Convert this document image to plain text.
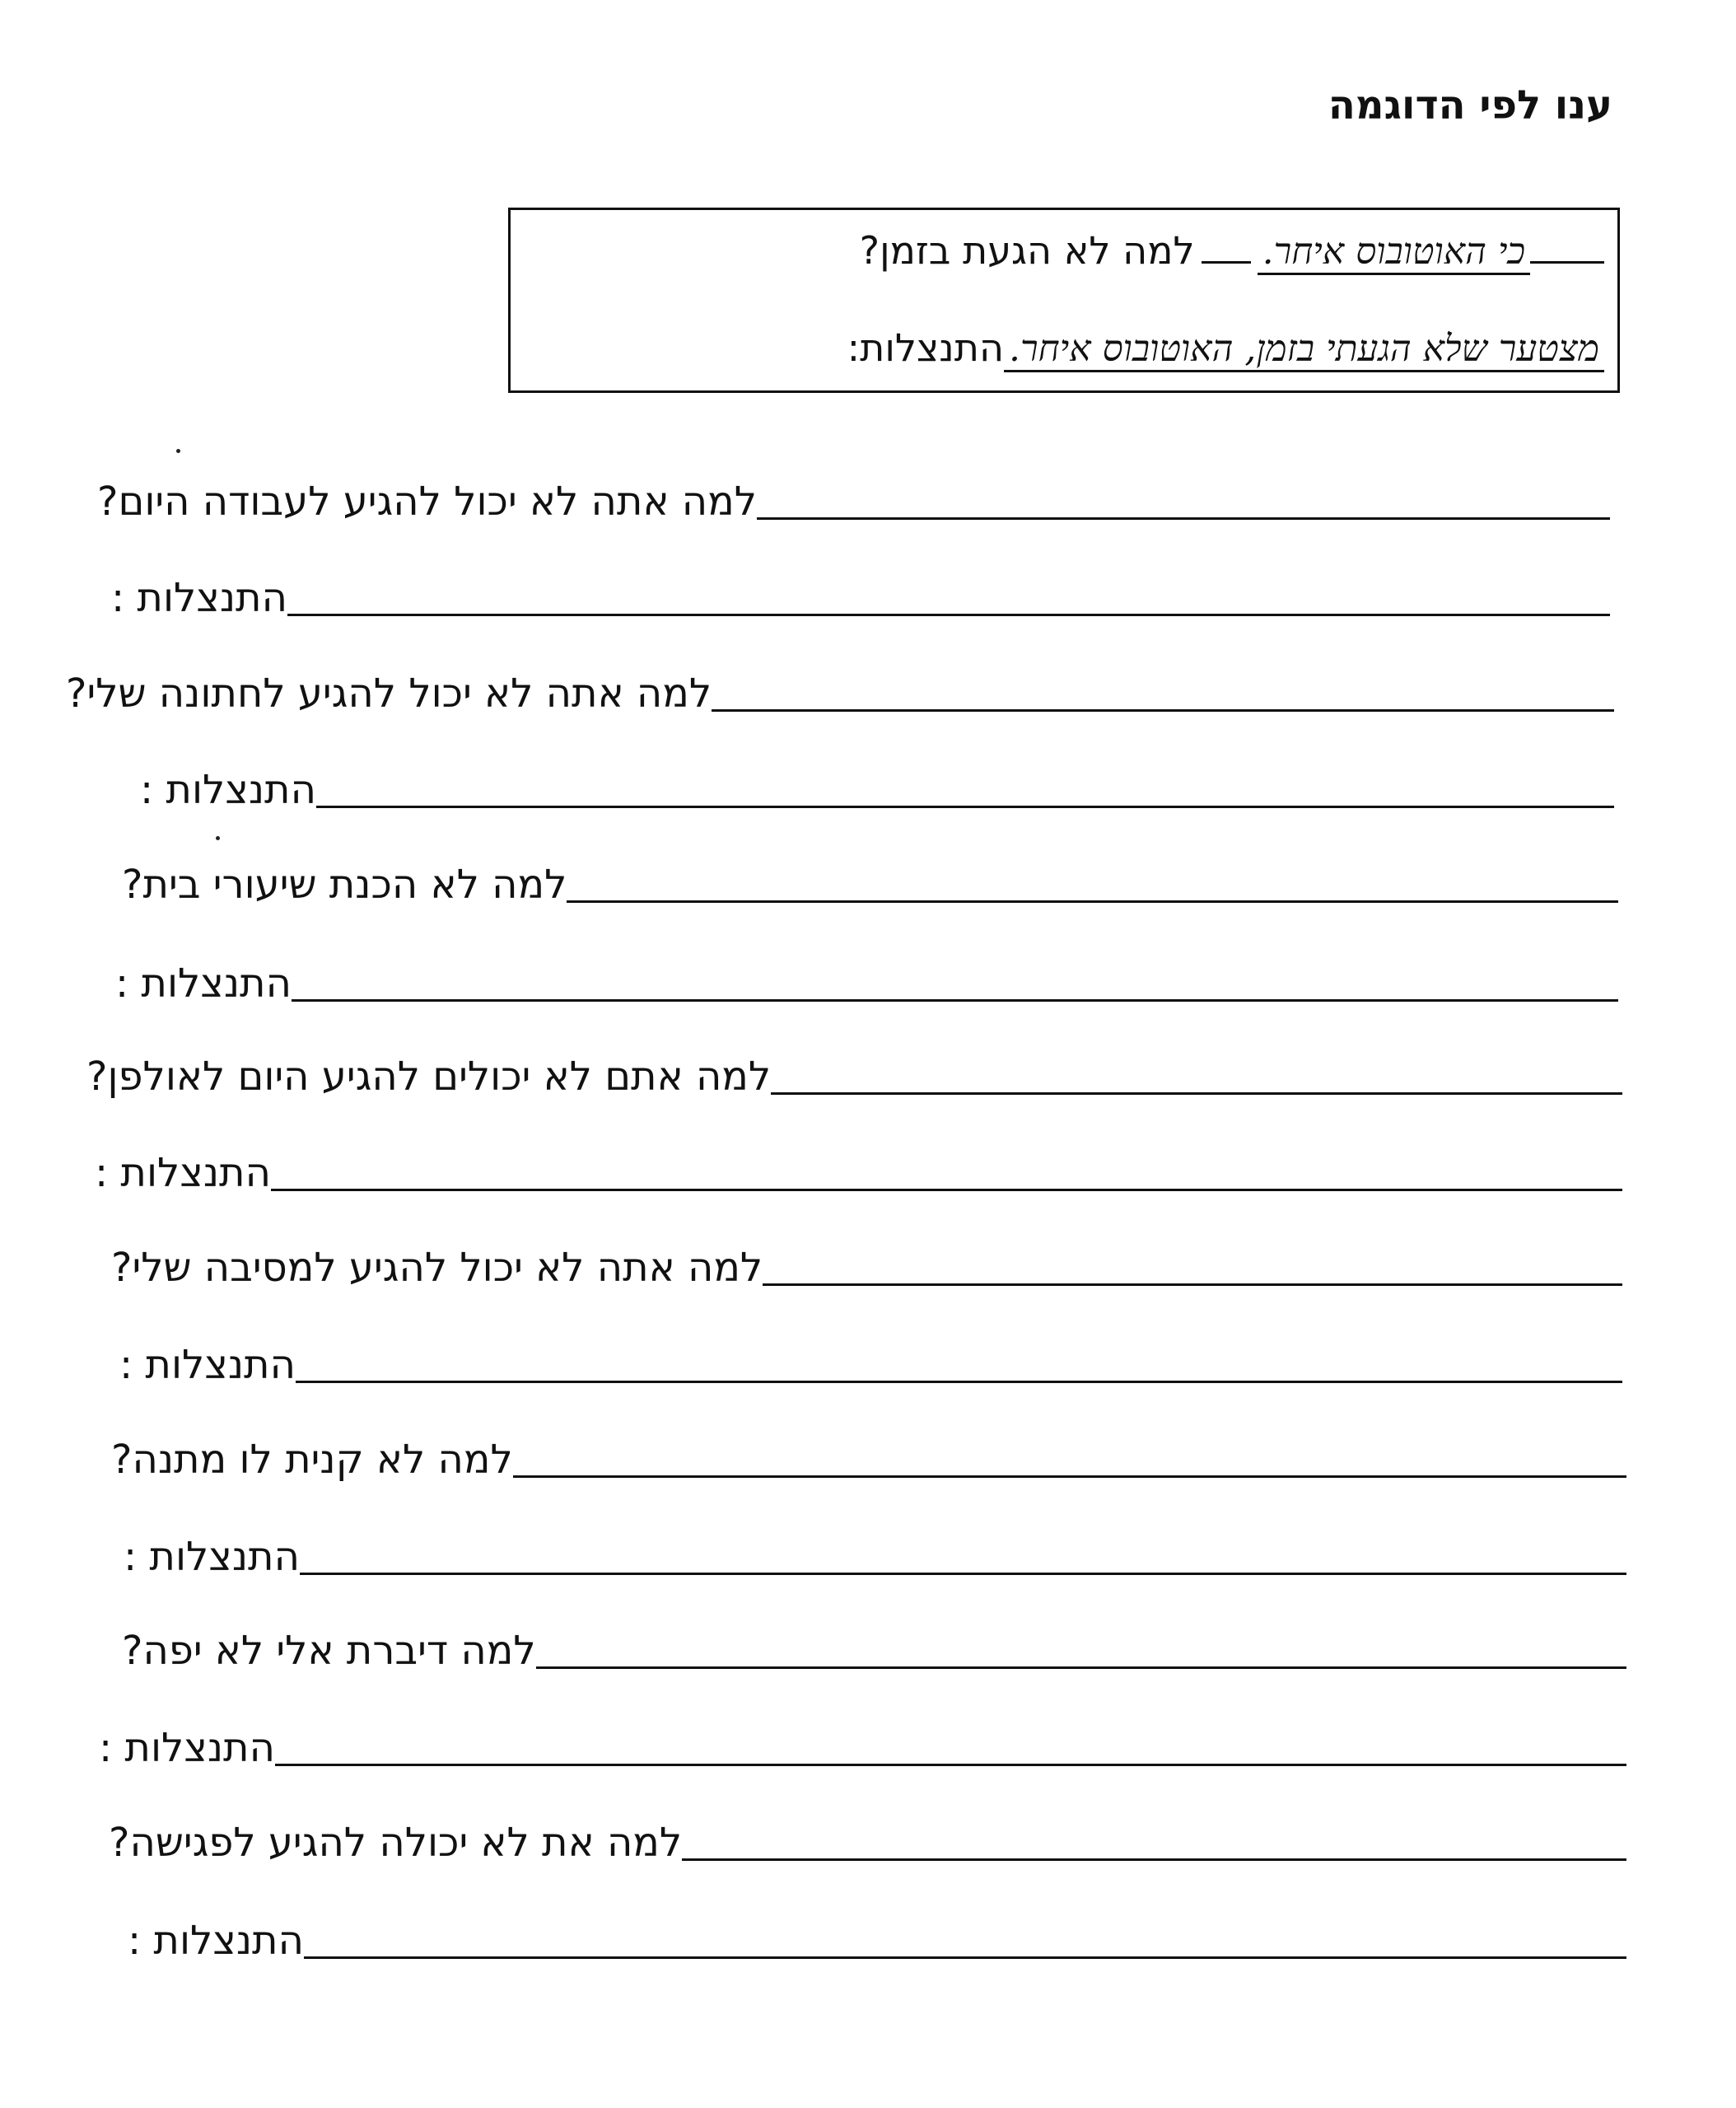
ענו לפי הדוגמה
למה לא הגעת בזמן? כי האוטובוס איחר.
התנצלות: מצטער שלא הגעתי בזמן, האוטובוס איחר.
למה אתה לא יכול להגיע לעבודה היום?
התנצלות :
למה אתה לא יכול להגיע לחתונה שלי?
התנצלות :
למה לא הכנת שיעורי בית?
התנצלות :
למה אתם לא יכולים להגיע היום לאולפן?
התנצלות :
למה אתה לא יכול להגיע למסיבה שלי?
התנצלות :
למה לא קנית לו מתנה?
התנצלות :
למה דיברת אלי לא יפה?
התנצלות :
למה את לא יכולה להגיע לפגישה?
התנצלות :
